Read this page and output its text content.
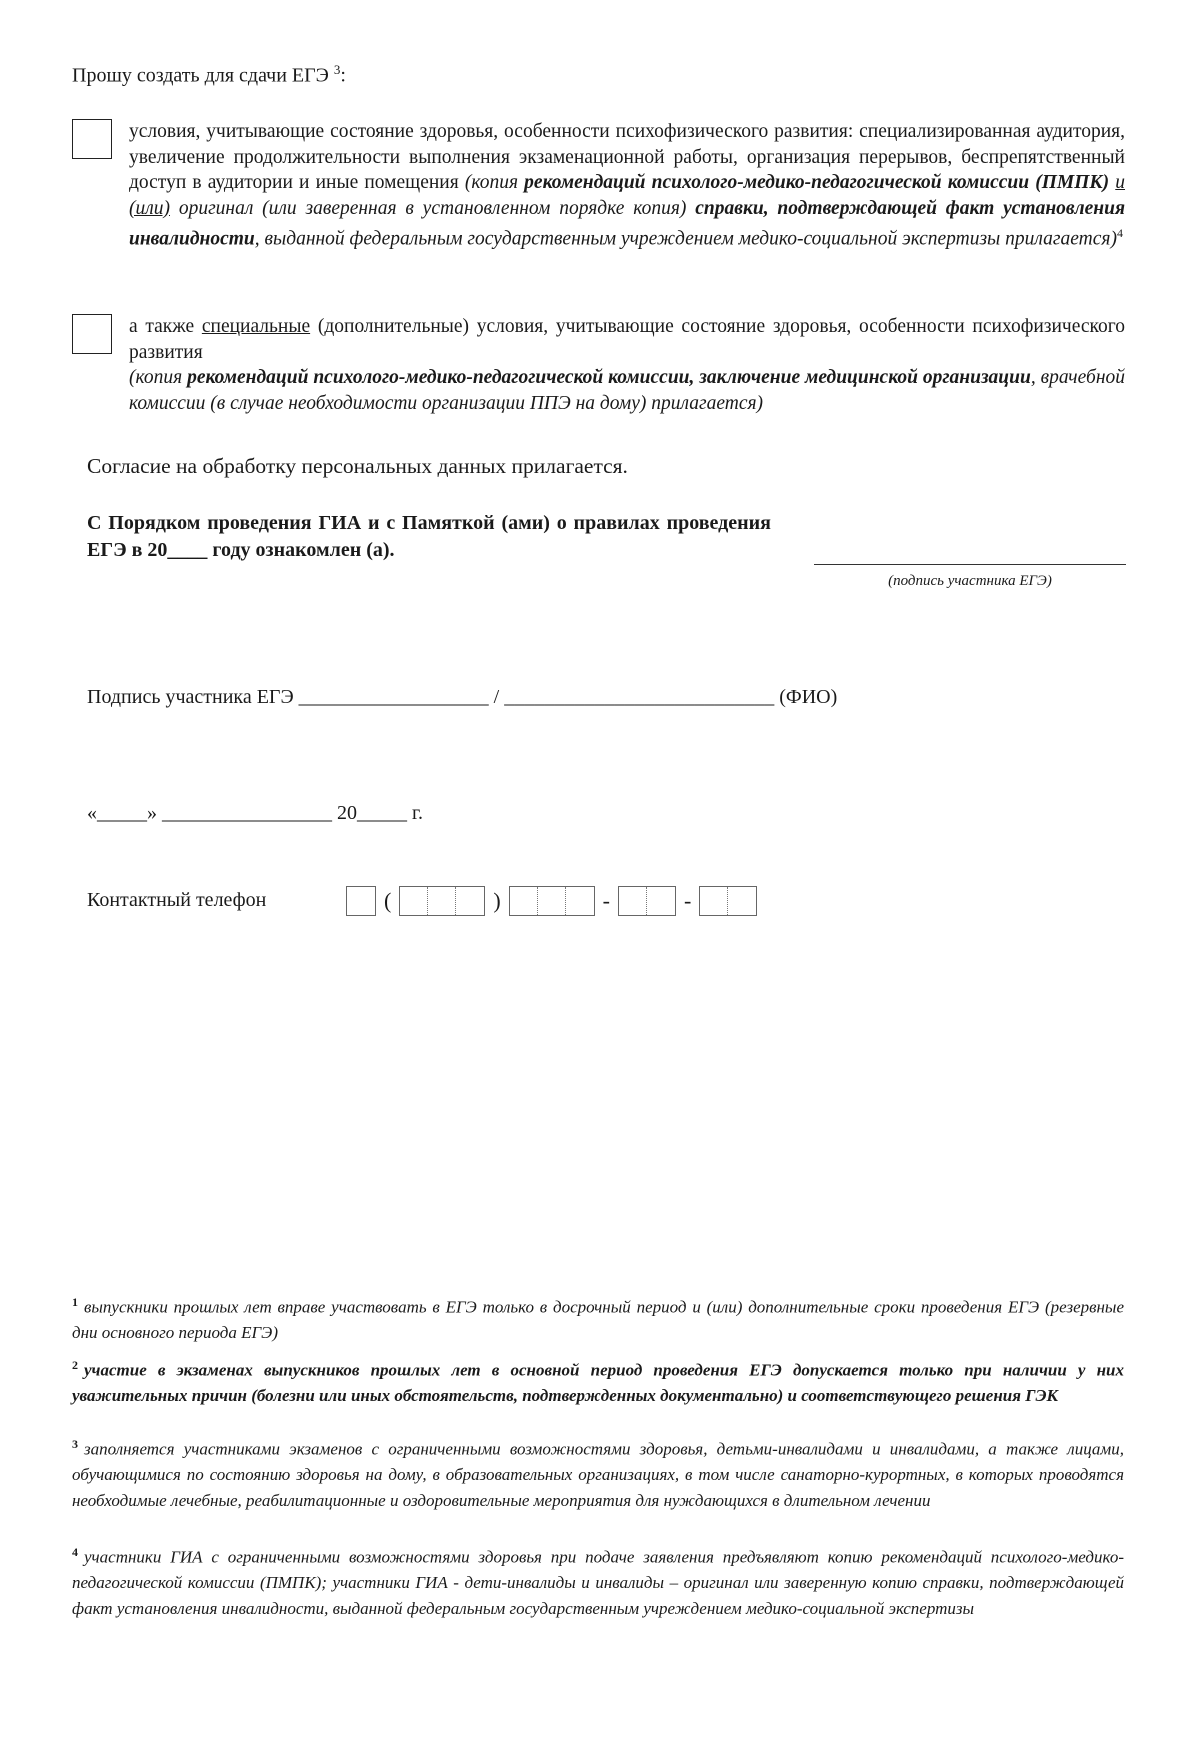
Прошу создать для сдачи ЕГЭ $^3$:
условия, учитывающие состояние здоровья, особенности психофизического развития: специализированная аудитория, увеличение продолжительности выполнения экзаменационной работы, организация перерывов, беспрепятственный доступ в аудитории и иные помещения (копия рекомендаций психолого-медико-педагогической комиссии (ПМПК) и (или) оригинал (или заверенная в установленном порядке копия) справки, подтверждающей факт установления инвалидности, выданной федеральным государственным учреждением медико-социальной экспертизы прилагается)$^4$
а также специальные (дополнительные) условия, учитывающие состояние здоровья, особенности психофизического развития
(копия рекомендаций психолого-медико-педагогической комиссии, заключение медицинской организации, врачебной комиссии (в случае необходимости организации ППЭ на дому) прилагается)
Согласие на обработку персональных данных прилагается.
С Порядком проведения ГИА и с Памяткой (ами) о правилах проведения ЕГЭ в 20____ году ознакомлен (а).
(подпись участника ЕГЭ)
Подпись участника ЕГЭ ___________________ / ___________________________ (ФИО)
«_____» _________________ 20_____ г.
Контактный телефон	(	)	-	-
$^1$ выпускники прошлых лет вправе участвовать в ЕГЭ только в досрочный период и (или) дополнительные сроки проведения ЕГЭ (резервные дни основного периода ЕГЭ)
$^2$ участие в экзаменах выпускников прошлых лет в основной период проведения ЕГЭ допускается только при наличии у них уважительных причин (болезни или иных обстоятельств, подтвержденных документально) и соответствующего решения ГЭК
$^3$ заполняется участниками экзаменов с ограниченными возможностями здоровья, детьми-инвалидами и инвалидами, а также лицами, обучающимися по состоянию здоровья на дому, в образовательных организациях, в том числе санаторно-курортных, в которых проводятся необходимые лечебные, реабилитационные и оздоровительные мероприятия для нуждающихся в длительном лечении
$^4$ участники ГИА с ограниченными возможностями здоровья при подаче заявления предъявляют копию рекомендаций психолого-медико-педагогической комиссии (ПМПК); участники ГИА - дети-инвалиды и инвалиды – оригинал или заверенную копию справки, подтверждающей факт установления инвалидности, выданной федеральным государственным учреждением медико-социальной экспертизы
